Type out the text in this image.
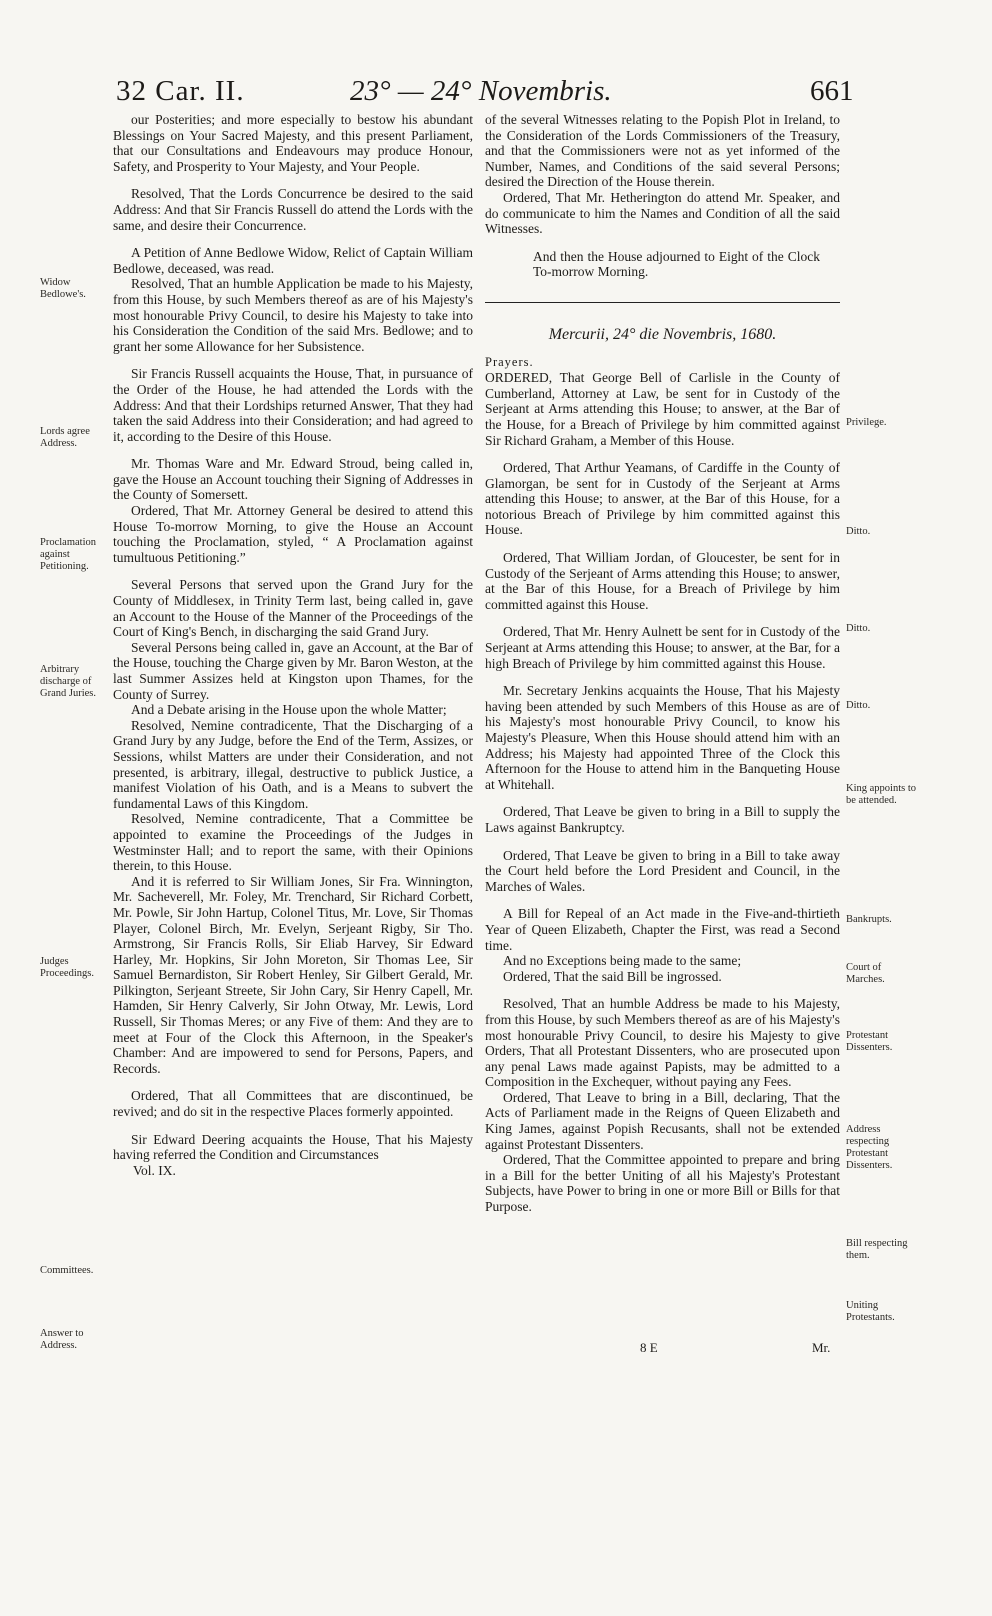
32 Car. II.	23° — 24° Novembris.	661

our Posterities; and more especially to bestow his abundant Blessings on Your Sacred Majesty, and this present Parliament, that our Consultations and Endeavours may produce Honour, Safety, and Prosperity to Your Majesty, and Your People.

Resolved, That the Lords Concurrence be desired to the said Address: And that Sir Francis Russell do attend the Lords with the same, and desire their Concurrence.

A Petition of Anne Bedlowe Widow, Relict of Captain William Bedlowe, deceased, was read.

Resolved, That an humble Application be made to his Majesty, from this House, by such Members thereof as are of his Majesty's most honourable Privy Council, to desire his Majesty to take into his Consideration the Condition of the said Mrs. Bedlowe; and to grant her some Allowance for her Subsistence.

Sir Francis Russell acquaints the House, That, in pursuance of the Order of the House, he had attended the Lords with the Address: And that their Lordships returned Answer, That they had taken the said Address into their Consideration; and had agreed to it, according to the Desire of this House.

Mr. Thomas Ware and Mr. Edward Stroud, being called in, gave the House an Account touching their Signing of Addresses in the County of Somersett.

Ordered, That Mr. Attorney General be desired to attend this House To-morrow Morning, to give the House an Account touching the Proclamation, styled, “ A Proclamation against tumultuous Petitioning.”

Several Persons that served upon the Grand Jury for the County of Middlesex, in Trinity Term last, being called in, gave an Account to the House of the Manner of the Proceedings of the Court of King's Bench, in discharging the said Grand Jury.

Several Persons being called in, gave an Account, at the Bar of the House, touching the Charge given by Mr. Baron Weston, at the last Summer Assizes held at Kingston upon Thames, for the County of Surrey.

And a Debate arising in the House upon the whole Matter;

Resolved, Nemine contradicente, That the Discharging of a Grand Jury by any Judge, before the End of the Term, Assizes, or Sessions, whilst Matters are under their Consideration, and not presented, is arbitrary, illegal, destructive to publick Justice, a manifest Violation of his Oath, and is a Means to subvert the fundamental Laws of this Kingdom.

Resolved, Nemine contradicente, That a Committee be appointed to examine the Proceedings of the Judges in Westminster Hall; and to report the same, with their Opinions therein, to this House.

And it is referred to Sir William Jones, Sir Fra. Winnington, Mr. Sacheverell, Mr. Foley, Mr. Trenchard, Sir Richard Corbett, Mr. Powle, Sir John Hartup, Colonel Titus, Mr. Love, Sir Thomas Player, Colonel Birch, Mr. Evelyn, Serjeant Rigby, Sir Tho. Armstrong, Sir Francis Rolls, Sir Eliab Harvey, Sir Edward Harley, Mr. Hopkins, Sir John Moreton, Sir Thomas Lee, Sir Samuel Bernardiston, Sir Robert Henley, Sir Gilbert Gerald, Mr. Pilkington, Serjeant Streete, Sir John Cary, Sir Henry Capell, Mr. Hamden, Sir Henry Calverly, Sir John Otway, Mr. Lewis, Lord Russell, Sir Thomas Meres; or any Five of them: And they are to meet at Four of the Clock this Afternoon, in the Speaker's Chamber: And are impowered to send for Persons, Papers, and Records.

Ordered, That all Committees that are discontinued, be revived; and do sit in the respective Places formerly appointed.

Sir Edward Deering acquaints the House, That his Majesty having referred the Condition and Circumstances

Vol. IX.

of the several Witnesses relating to the Popish Plot in Ireland, to the Consideration of the Lords Commissioners of the Treasury, and that the Commissioners were not as yet informed of the Number, Names, and Conditions of the said several Persons; desired the Direction of the House therein.

Ordered, That Mr. Hetherington do attend Mr. Speaker, and do communicate to him the Names and Condition of all the said Witnesses.

And then the House adjourned to Eight of the Clock To-morrow Morning.

Mercurii, 24° die Novembris, 1680.

Prayers.

ORDERED, That George Bell of Carlisle in the County of Cumberland, Attorney at Law, be sent for in Custody of the Serjeant at Arms attending this House; to answer, at the Bar of the House, for a Breach of Privilege by him committed against Sir Richard Graham, a Member of this House.

Ordered, That Arthur Yeamans, of Cardiffe in the County of Glamorgan, be sent for in Custody of the Serjeant at Arms attending this House; to answer, at the Bar of this House, for a notorious Breach of Privilege by him committed against this House.

Ordered, That William Jordan, of Gloucester, be sent for in Custody of the Serjeant of Arms attending this House; to answer, at the Bar of this House, for a Breach of Privilege by him committed against this House.

Ordered, That Mr. Henry Aulnett be sent for in Custody of the Serjeant at Arms attending this House; to answer, at the Bar, for a high Breach of Privilege by him committed against this House.

Mr. Secretary Jenkins acquaints the House, That his Majesty having been attended by such Members of this House as are of his Majesty's most honourable Privy Council, to know his Majesty's Pleasure, When this House should attend him with an Address; his Majesty had appointed Three of the Clock this Afternoon for the House to attend him in the Banqueting House at Whitehall.

Ordered, That Leave be given to bring in a Bill to supply the Laws against Bankruptcy.

Ordered, That Leave be given to bring in a Bill to take away the Court held before the Lord President and Council, in the Marches of Wales.

A Bill for Repeal of an Act made in the Five-and-thirtieth Year of Queen Elizabeth, Chapter the First, was read a Second time.

And no Exceptions being made to the same;

Ordered, That the said Bill be ingrossed.

Resolved, That an humble Address be made to his Majesty, from this House, by such Members thereof as are of his Majesty's most honourable Privy Council, to desire his Majesty to give Orders, That all Protestant Dissenters, who are prosecuted upon any penal Laws made against Papists, may be admitted to a Composition in the Exchequer, without paying any Fees.

Ordered, That Leave to bring in a Bill, declaring, That the Acts of Parliament made in the Reigns of Queen Elizabeth and King James, against Popish Recusants, shall not be extended against Protestant Dissenters.

Ordered, That the Committee appointed to prepare and bring in a Bill for the better Uniting of all his Majesty's Protestant Subjects, have Power to bring in one or more Bill or Bills for that Purpose.

8 E	Mr.
Widow Bedlowe's.
Lords agree Address.
Proclamation against Petitioning.
Arbitrary discharge of Grand Juries.
Judges Proceedings.
Committees.
Answer to Address.
Privilege.
Ditto.
Ditto.
Ditto.
King appoints to be attended.
Bankrupts.
Court of Marches.
Protestant Dissenters.
Address respecting Protestant Dissenters.
Bill respecting them.
Uniting Protestants.
